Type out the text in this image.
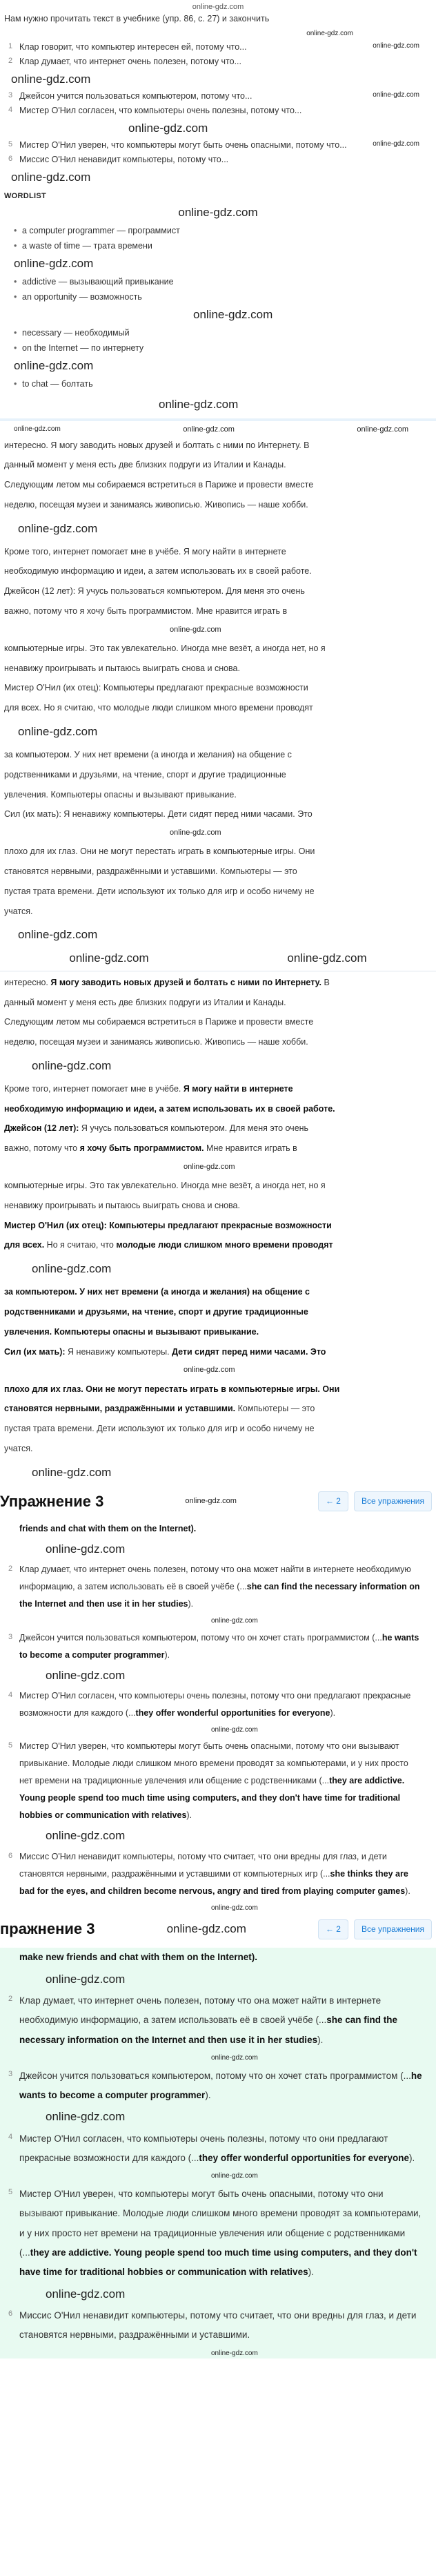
online-gdz.com
Нам нужно прочитать текст в учебнике (упр. 86, с. 27) и закончить
online-gdz.com
1 Клар говорит, что компьютер интересен ей, потому что...	online-gdz.com
2 Клар думает, что интернет очень полезен, потому что...
online-gdz.com
3 Джейсон учится пользоваться компьютером, потому что...	online-gdz.com
4 Мистер О'Нил согласен, что компьютеры очень полезны, потому что...
online-gdz.com
5 Мистер О'Нил уверен, что компьютеры могут быть очень опасными, потому что...	online-gdz.com
6 Миссис О'Нил ненавидит компьютеры, потому что...
online-gdz.com
WORDLIST
online-gdz.com
• a computer programmer — программист
• a waste of time — трата времени
online-gdz.com
• addictive — вызывающий привыкание
• an opportunity — возможность
online-gdz.com
• necessary — необходимый
• on the Internet — по интернету
online-gdz.com
• to chat — болтать
online-gdz.com
online-gdz.com	online-gdz.com	online-gdz.com

интересно. Я могу заводить новых друзей и болтать с ними по Интернету. В

данный момент у меня есть две близких подруги из Италии и Канады.

Следующим летом мы собираемся встретиться в Париже и провести вместе

неделю, посещая музеи и занимаясь живописью. Живопись — наше хобби.

online-gdz.com

Кроме того, интернет помогает мне в учёбе. Я могу найти в интернете

необходимую информацию и идеи, а затем использовать их в своей работе.

Джейсон (12 лет): Я учусь пользоваться компьютером. Для меня это очень

важно, потому что я хочу быть программистом. Мне нравится играть в

online-gdz.com

компьютерные игры. Это так увлекательно. Иногда мне везёт, а иногда нет, но я

ненавижу проигрывать и пытаюсь выиграть снова и снова.

Мистер О'Нил (их отец): Компьютеры предлагают прекрасные возможности

для всех. Но я считаю, что молодые люди слишком много времени проводят

online-gdz.com

за компьютером. У них нет времени (а иногда и желания) на общение с

родственниками и друзьями, на чтение, спорт и другие традиционные

увлечения. Компьютеры опасны и вызывают привыкание.

Сил (их мать): Я ненавижу компьютеры. Дети сидят перед ними часами. Это

online-gdz.com

плохо для их глаз. Они не могут перестать играть в компьютерные игры. Они

становятся нервными, раздражёнными и уставшими. Компьютеры — это

пустая трата времени. Дети используют их только для игр и особо ничему не

учатся.

online-gdz.com
online-gdz.com	online-gdz.com

интересно. Я могу заводить новых друзей и болтать с ними по Интернету. В

данный момент у меня есть две близких подруги из Италии и Канады.

Следующим летом мы собираемся встретиться в Париже и провести вместе

неделю, посещая музеи и занимаясь живописью. Живопись — наше хобби.

online-gdz.com

Кроме того, интернет помогает мне в учёбе. Я могу найти в интернете

необходимую информацию и идеи, а затем использовать их в своей работе.

Джейсон (12 лет): Я учусь пользоваться компьютером. Для меня это очень

важно, потому что я хочу быть программистом. Мне нравится играть в

online-gdz.com

компьютерные игры. Это так увлекательно. Иногда мне везёт, а иногда нет, но я

ненавижу проигрывать и пытаюсь выиграть снова и снова.

Мистер О'Нил (их отец): Компьютеры предлагают прекрасные возможности

для всех. Но я считаю, что молодые люди слишком много времени проводят

online-gdz.com

за компьютером. У них нет времени (а иногда и желания) на общение с

родственниками и друзьями, на чтение, спорт и другие традиционные

увлечения. Компьютеры опасны и вызывают привыкание.

Сил (их мать): Я ненавижу компьютеры. Дети сидят перед ними часами. Это

online-gdz.com

плохо для их глаз. Они не могут перестать играть в компьютерные игры. Они

становятся нервными, раздражёнными и уставшими. Компьютеры — это

пустая трата времени. Дети используют их только для игр и особо ничему не

учатся.

online-gdz.com
Упражнение 3	online-gdz.com	← 2	Все упражнения
friends and chat with them on the Internet).
online-gdz.com
2 Клар думает, что интернет очень полезен, потому что она может найти в интернете необходимую информацию, а затем использовать её в своей учёбе (...she can find the necessary information on the Internet and then use it in her studies).
online-gdz.com
3 Джейсон учится пользоваться компьютером, потому что он хочет стать программистом (...he wants to become a computer programmer).
online-gdz.com
4 Мистер О'Нил согласен, что компьютеры очень полезны, потому что они предлагают прекрасные возможности для каждого (...they offer wonderful opportunities for everyone).
online-gdz.com
5 Мистер О'Нил уверен, что компьютеры могут быть очень опасными, потому что они вызывают привыкание. Молодые люди слишком много времени проводят за компьютерами, и у них просто нет времени на традиционные увлечения или общение с родственниками (...they are addictive. Young people spend too much time using computers, and they don't have time for traditional hobbies or communication with relatives).
online-gdz.com
6 Миссис О'Нил ненавидит компьютеры, потому что считает, что они вредны для глаз, и дети становятся нервными, раздражёнными и уставшими от компьютерных игр (...she thinks they are bad for the eyes, and children become nervous, angry and tired from playing computer games).
online-gdz.com
пражнение 3	online-gdz.com	← 2	Все упражнения
make new friends and chat with them on the Internet).
online-gdz.com
2 Клар думает, что интернет очень полезен, потому что она может найти в интернете необходимую информацию, а затем использовать её в своей учёбе (...she can find the necessary information on the Internet and then use it in her studies).
online-gdz.com
3 Джейсон учится пользоваться компьютером, потому что он хочет стать программистом (...he wants to become a computer programmer).
online-gdz.com
4 Мистер О'Нил согласен, что компьютеры очень полезны, потому что они предлагают прекрасные возможности для каждого (...they offer wonderful opportunities for everyone).
online-gdz.com
5 Мистер О'Нил уверен, что компьютеры могут быть очень опасными, потому что они вызывают привыкание. Молодые люди слишком много времени проводят за компьютерами, и у них просто нет времени на традиционные увлечения или общение с родственниками (...they are addictive. Young people spend too much time using computers, and they don't have time for traditional hobbies or communication with relatives).
online-gdz.com
6 Миссис О'Нил ненавидит компьютеры, потому что считает, что они вредны для глаз, и дети становятся нервными, раздражёнными и уставшими.
online-gdz.com
